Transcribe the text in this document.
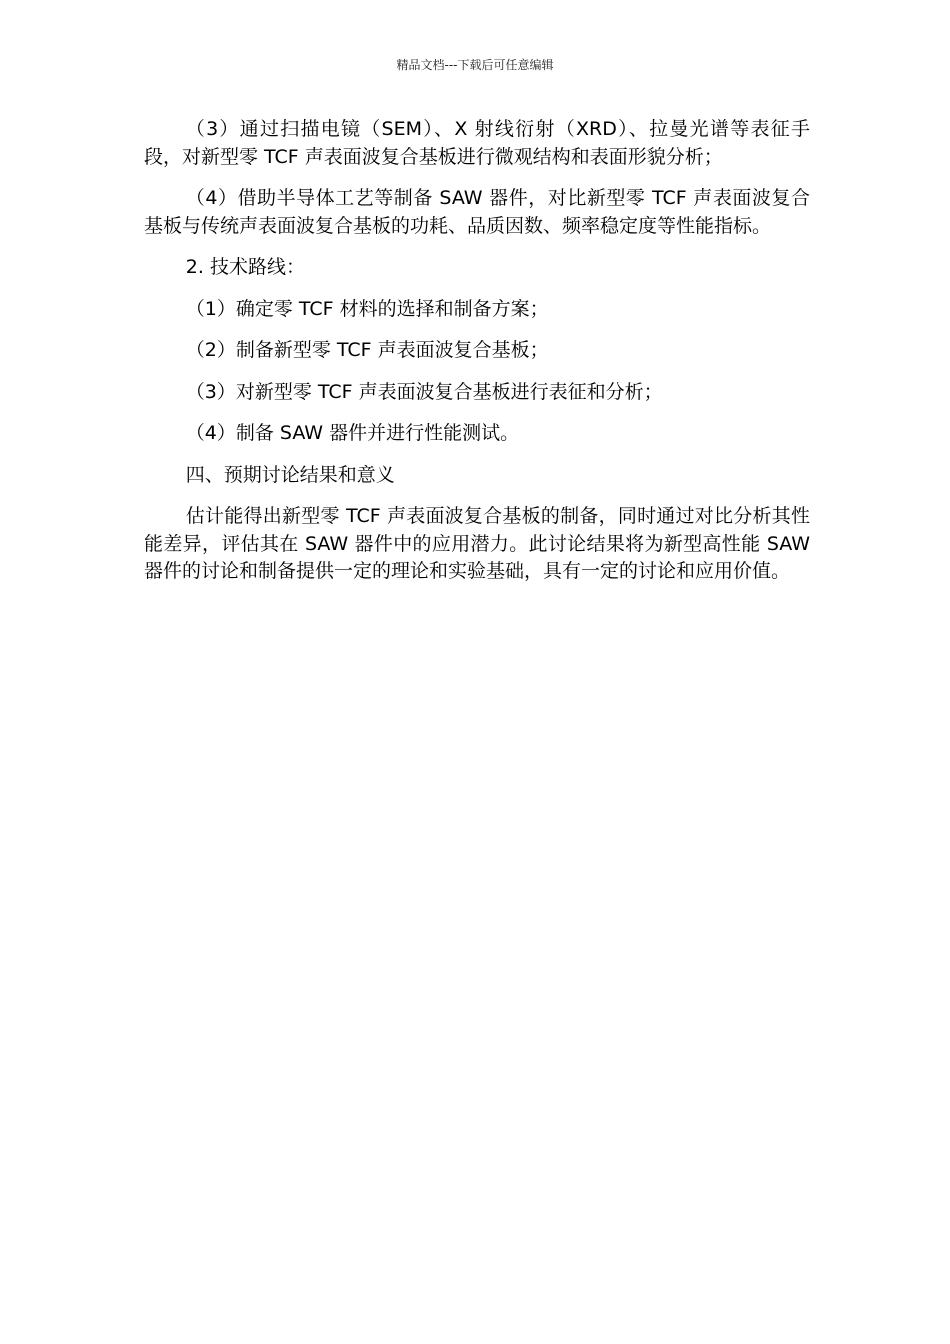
精品文档---下载后可任意编辑

（3）通过扫描电镜（SEM）、X 射线衍射（XRD）、拉曼光谱等表征手段，对新型零 TCF 声表面波复合基板进行微观结构和表面形貌分析；

（4）借助半导体工艺等制备 SAW 器件，对比新型零 TCF 声表面波复合基板与传统声表面波复合基板的功耗、品质因数、频率稳定度等性能指标。

2. 技术路线：

（1）确定零 TCF 材料的选择和制备方案；

（2）制备新型零 TCF 声表面波复合基板；

（3）对新型零 TCF 声表面波复合基板进行表征和分析；

（4）制备 SAW 器件并进行性能测试。

四、预期讨论结果和意义

估计能得出新型零 TCF 声表面波复合基板的制备，同时通过对比分析其性能差异，评估其在 SAW 器件中的应用潜力。此讨论结果将为新型高性能 SAW 器件的讨论和制备提供一定的理论和实验基础，具有一定的讨论和应用价值。
